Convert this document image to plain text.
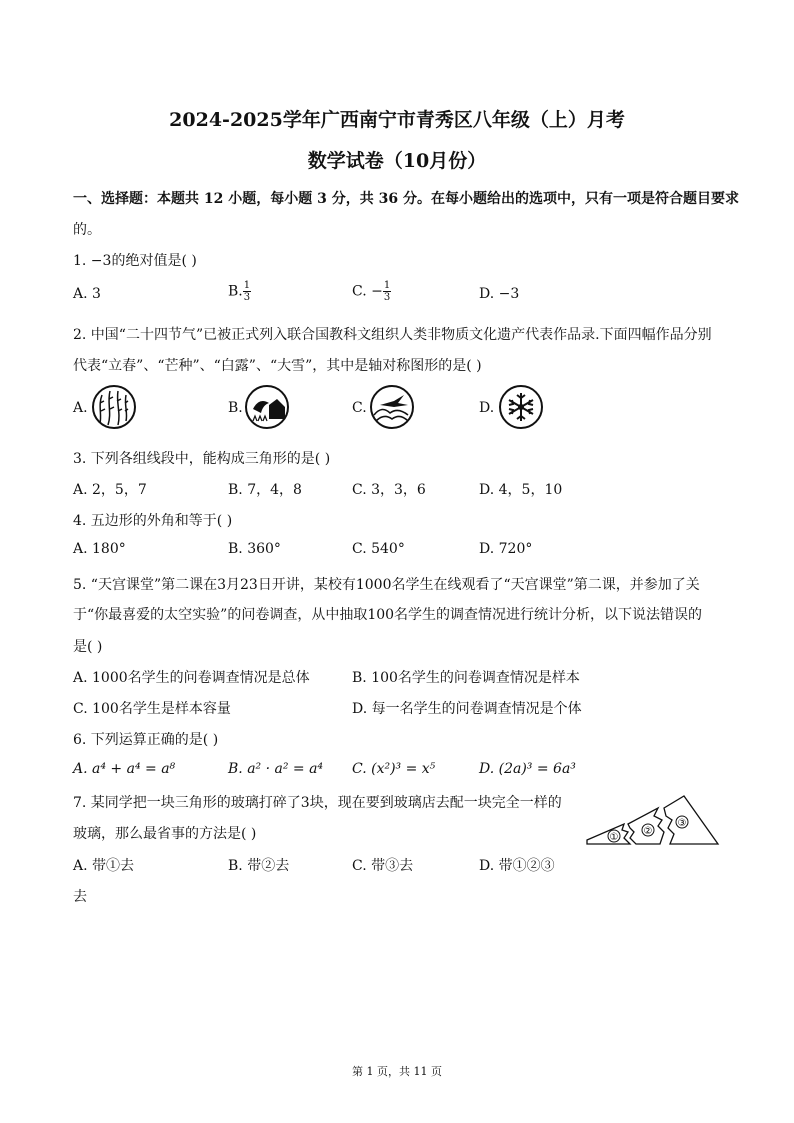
2024-2025学年广西南宁市青秀区八年级（上）月考
数学试卷（10月份）
一、选择题：本题共 12 小题，每小题 3 分，共 36 分。在每小题给出的选项中，只有一项是符合题目要求
的。
1. −3的绝对值是( )
A. 3	B. $\frac{1}{3}$	C. − $\frac{1}{3}$	D. −3
2. 中国“二十四节气”已被正式列入联合国教科文组织人类非物质文化遗产代表作品录.下面四幅作品分别
代表“立春”、“芒种”、“白露”、“大雪”，其中是轴对称图形的是( )
A.	B.	C.	D.
3. 下列各组线段中，能构成三角形的是( )
A. 2，5，7	B. 7，4，8	C. 3，3，6	D. 4，5，10
4. 五边形的外角和等于( )
A. 180°	B. 360°	C. 540°	D. 720°
5. “天宫课堂”第二课在3月23日开讲，某校有1000名学生在线观看了“天宫课堂”第二课，并参加了关
于“你最喜爱的太空实验”的问卷调查，从中抽取100名学生的调查情况进行统计分析，以下说法错误的
是( )
A. 1000名学生的问卷调查情况是总体	B. 100名学生的问卷调查情况是样本
C. 100名学生是样本容量	D. 每一名学生的问卷调查情况是个体
6. 下列运算正确的是( )
A. a⁴ + a⁴ = a⁸	B. a² · a² = a⁴ C. (x²)³ = x⁵	D. (2a)³ = 6a³
7. 某同学把一块三角形的玻璃打碎了3块，现在要到玻璃店去配一块完全一样的
玻璃，那么最省事的方法是( )
A. 带①去	B. 带②去	C. 带③去	D. 带①②③
去
①
②
③
第 1 页，共 11 页
